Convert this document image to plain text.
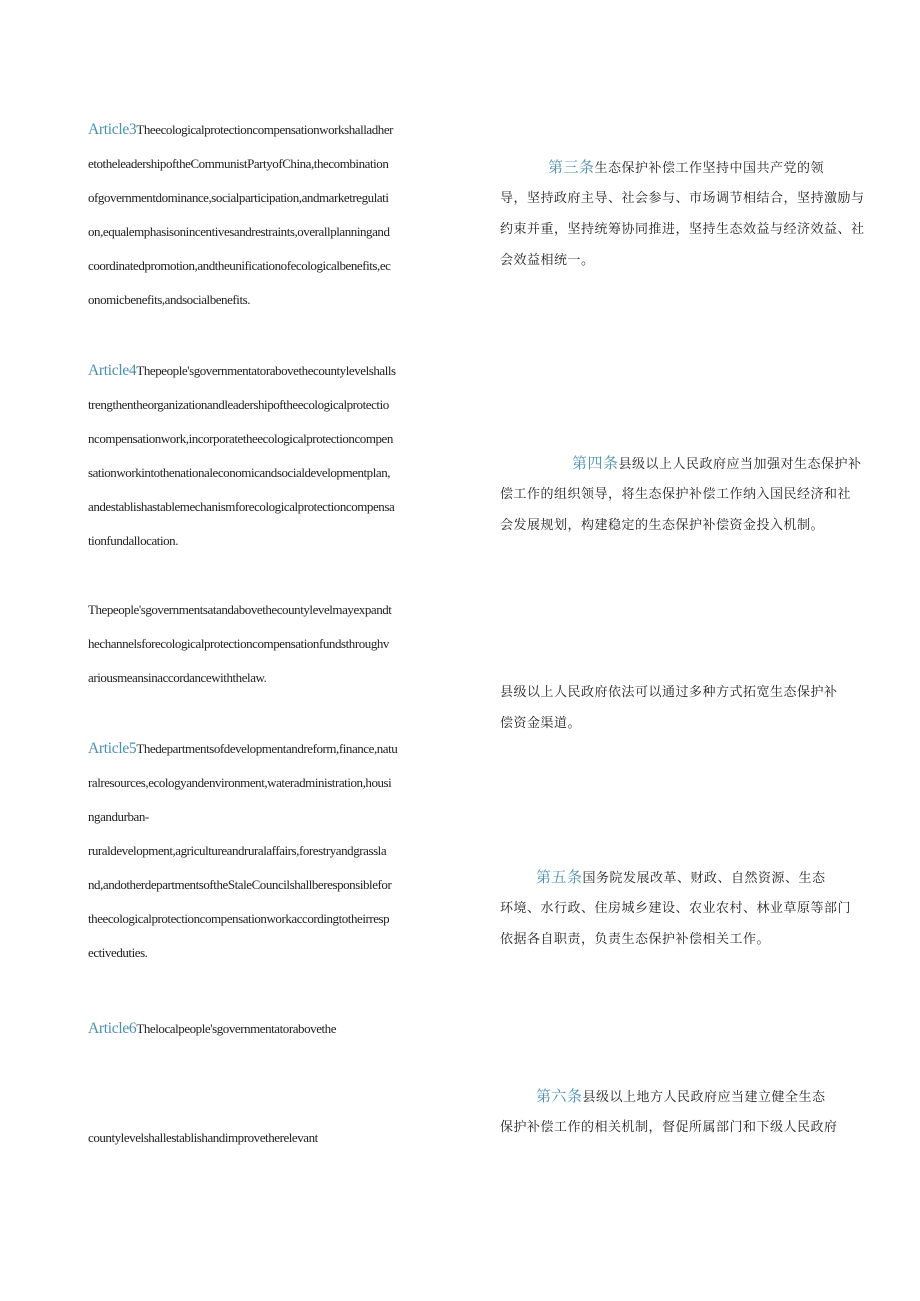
Article3Theecologicalprotectioncompensationworkshalladher
etotheleadershipoftheCommunistPartyofChina,thecombination
ofgovernmentdominance,socialparticipation,andmarketregulati
on,equalemphasisonincentivesandrestraints,overallplanningand
coordinatedpromotion,andtheunificationofecologicalbenefits,ec
onomicbenefits,andsocialbenefits.
Article4Thepeople'sgovernmentatorabovethecountylevelshalls
trengthentheorganizationandleadershipoftheecologicalprotectio
ncompensationwork,incorporatetheecologicalprotectioncompen
sationworkintothenationaleconomicandsocialdevelopmentplan,
andestablishastablemechanismforecologicalprotectioncompensa
tionfundallocation.
Thepeople'sgovernmentsatandabovethecountylevelmayexpandt
hechannelsforecologicalprotectioncompensationfundsthroughv
ariousmeansinaccordancewiththelaw.
Article5Thedepartmentsofdevelopmentandreform,finance,natu
ralresources,ecologyandenvironment,wateradministration,housi
ngandurban-
ruraldevelopment,agricultureandruralaffairs,forestryandgrassla
nd,andotherdepartmentsoftheStaleCouncilshallberesponsiblefor
theecologicalprotectioncompensationworkaccordingtotheirresp
ectiveduties.
Article6Thelocalpeople'sgovernmentatorabovethe
countylevelshallestablishandimprovetherelevant
第三条生态保护补偿工作坚持中国共产党的领
导，坚持政府主导、社会参与、市场调节相结合，坚持激励与
约束并重，坚持统筹协同推进，坚持生态效益与经济效益、社
会效益相统一。
第四条县级以上人民政府应当加强对生态保护补
偿工作的组织领导，将生态保护补偿工作纳入国民经济和社
会发展规划，构建稳定的生态保护补偿资金投入机制。
县级以上人民政府依法可以通过多种方式拓宽生态保护补
偿资金渠道。
第五条国务院发展改革、财政、自然资源、生态
环境、水行政、住房城乡建设、农业农村、林业草原等部门
依据各自职责，负责生态保护补偿相关工作。
第六条县级以上地方人民政府应当建立健全生态
保护补偿工作的相关机制，督促所属部门和下级人民政府
